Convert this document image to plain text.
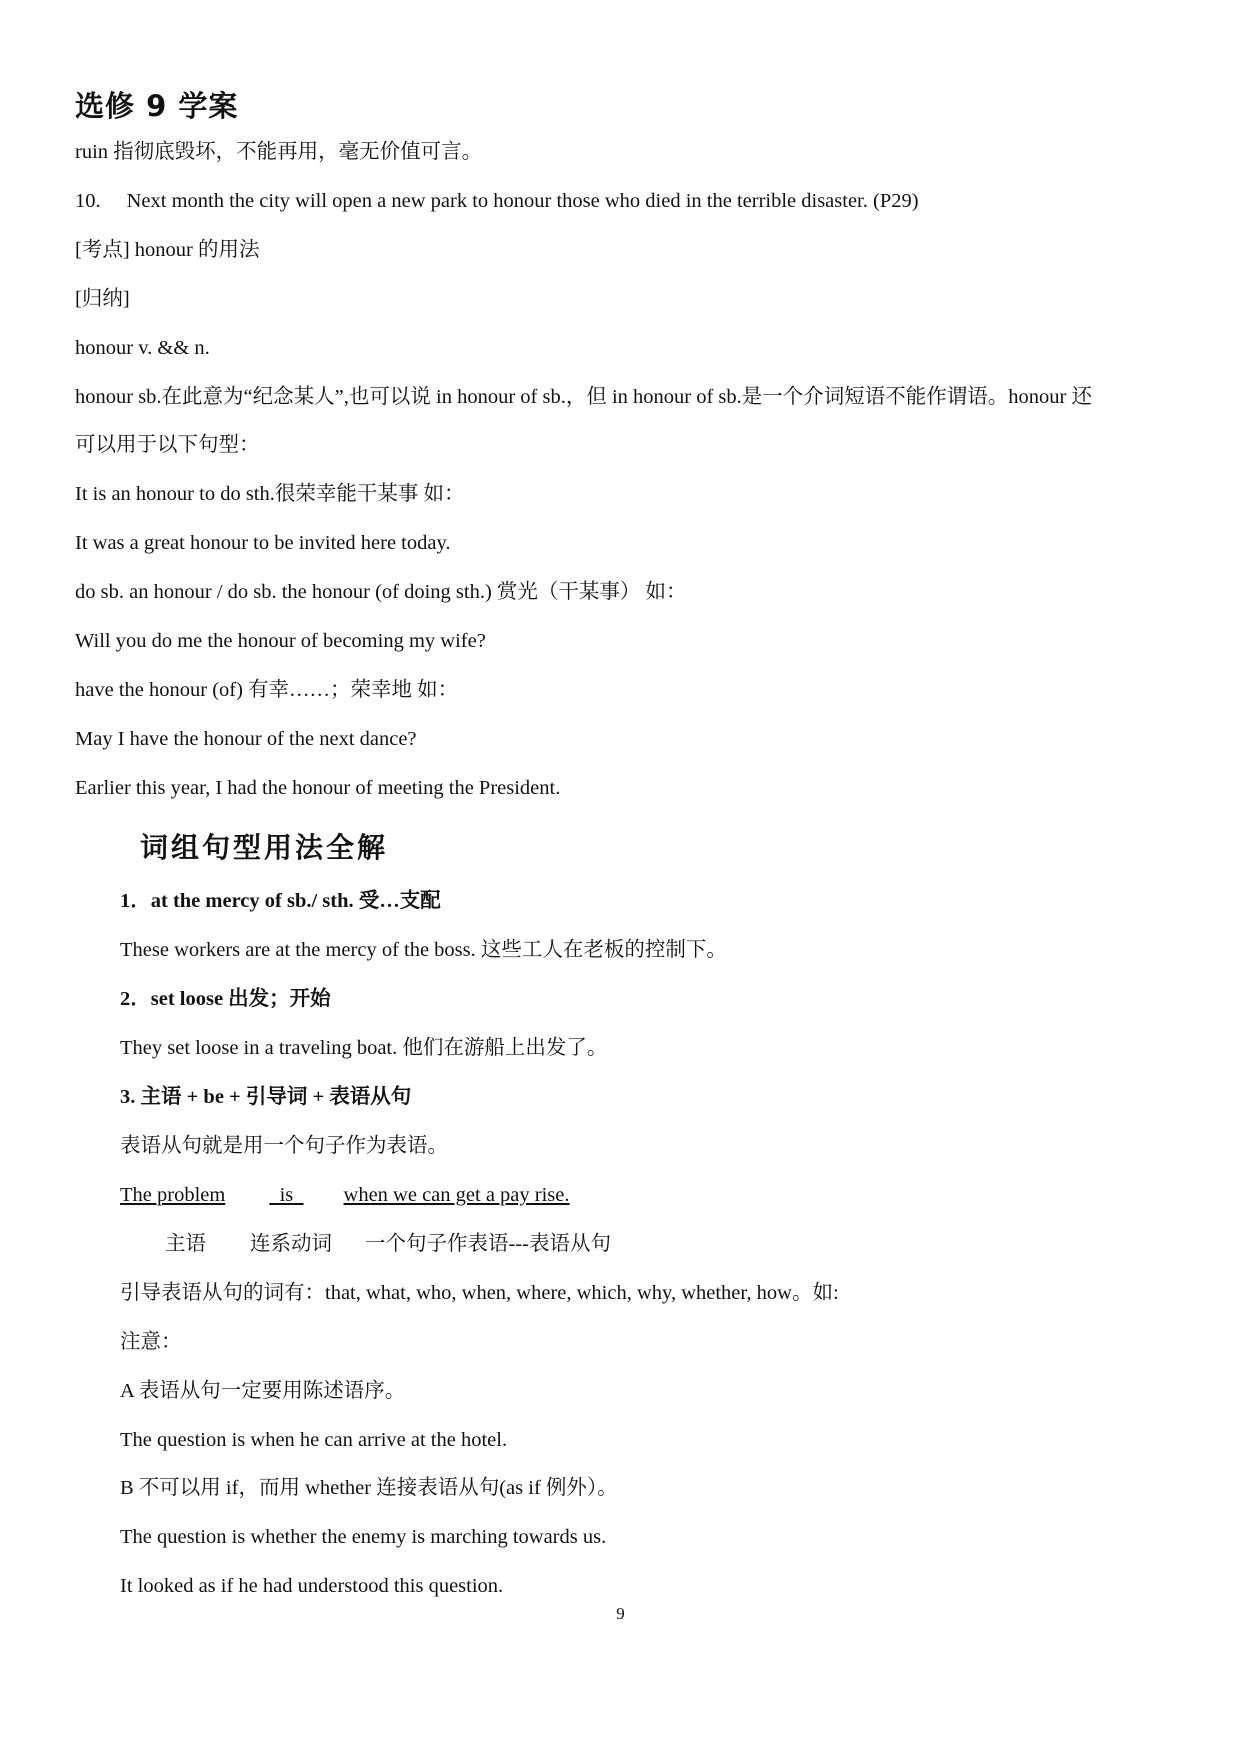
选修 9 学案
ruin 指彻底毁坏，不能再用，毫无价值可言。
10. Next month the city will open a new park to honour those who died in the terrible disaster. (P29)
[考点] honour 的用法
[归纳]
honour v. && n.
honour sb.在此意为“纪念某人”,也可以说 in honour of sb.，但 in honour of sb.是一个介词短语不能作谓语。honour 还
可以用于以下句型：
It is an honour to do sth.很荣幸能干某事 如：
It was a great honour to be invited here today.
do sb. an honour / do sb. the honour (of doing sth.) 赏光（干某事） 如：
Will you do me the honour of becoming my wife?
have the honour (of) 有幸……；荣幸地 如：
May I have the honour of the next dance?
Earlier this year, I had the honour of meeting the President.
词组句型用法全解
1．at the mercy of sb./ sth. 受…支配
These workers are at the mercy of the boss. 这些工人在老板的控制下。
2．set loose 出发；开始
They set loose in a traveling boat. 他们在游船上出发了。
3. 主语 + be + 引导词 + 表语从句
表语从句就是用一个句子作为表语。
The problem	is when we can get a pay rise.
主语 连系动词 一个句子作表语---表语从句
引导表语从句的词有：that, what, who, when, where, which, why, whether, how。如:
注意：
A 表语从句一定要用陈述语序。
The question is when he can arrive at the hotel.
B 不可以用 if，而用 whether 连接表语从句(as if 例外）。
The question is whether the enemy is marching towards us.
It looked as if he had understood this question.
9
